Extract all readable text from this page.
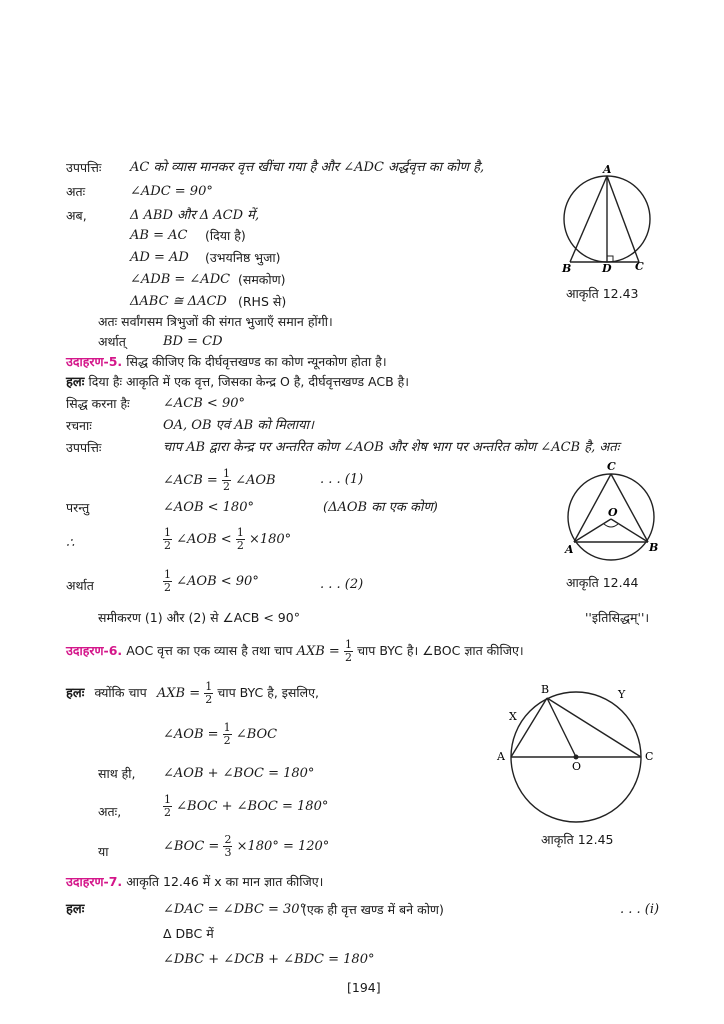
उपपत्तिः AC को व्यास मानकर वृत्त खींचा गया है और ∠ADC अर्द्धवृत्त का कोण है,
अतः	∠ADC = 90°
अब,	Δ ABD और Δ ACD में,
AB = AC (दिया है)
AD = AD (उभयनिष्ठ भुजा)
∠ADB = ∠ADC (समकोण)
ΔABC ≅ ΔACD (RHS से)
अतः सर्वांगसम त्रिभुजों की संगत भुजाएँ समान होंगी।
अर्थात्	BD = CD
A
B	D C
आकृति 12.43
उदाहरण-5. सिद्ध कीजिए कि दीर्घवृत्तखण्ड का कोण न्यूनकोण होता है।
हलः दिया हैः आकृति में एक वृत्त, जिसका केन्द्र O है, दीर्घवृत्तखण्ड ACB है।
सिद्ध करना हैः	∠ACB < 90°
रचनाः	OA, OB एवं AB को मिलाया।
उपपत्तिः	चाप AB द्वारा केन्द्र पर अन्तरित कोण ∠AOB और शेष भाग पर अन्तरित कोण ∠ACB है, अतः
∠ACB = $\frac{1}{2}$ ∠AOB	. . . (1)
परन्तु	∠AOB < 180°	(ΔAOB का एक कोण)
∴	$\frac{1}{2}$ ∠AOB < $\frac{1}{2} \times 180^\circ$
अर्थात	$\frac{1}{2}$ ∠AOB < 90°	. . . (2)
समीकरण (1) और (2) से ∠ACB < 90°	''इतिसिद्धम्''।
C
O
A	B
आकृति 12.44
उदाहरण-6. AOC वृत्त का एक व्यास है तथा चाप AXB = $\frac{1}{2}$ चाप BYC है। ∠BOC ज्ञात कीजिए।
हलः क्योंकि चाप AXB = $\frac{1}{2}$ चाप BYC है, इसलिए,
∠AOB = $\frac{1}{2}$ ∠BOC
साथ ही, ∠AOB + ∠BOC = 180°
अतः,	$\frac{1}{2}$ ∠BOC + ∠BOC = 180°
या	∠BOC = $\frac{2}{3} \times 180^\circ = 120^\circ$
B	Y
X
A
O
C
आकृति 12.45
उदाहरण-7. आकृति 12.46 में x का मान ज्ञात कीजिए।
हलः	∠DAC = ∠DBC = 30°
(एक ही वृत्त खण्ड में बने कोण)	. . . (i)
Δ DBC में
∠DBC + ∠DCB + ∠BDC = 180°
[194]
